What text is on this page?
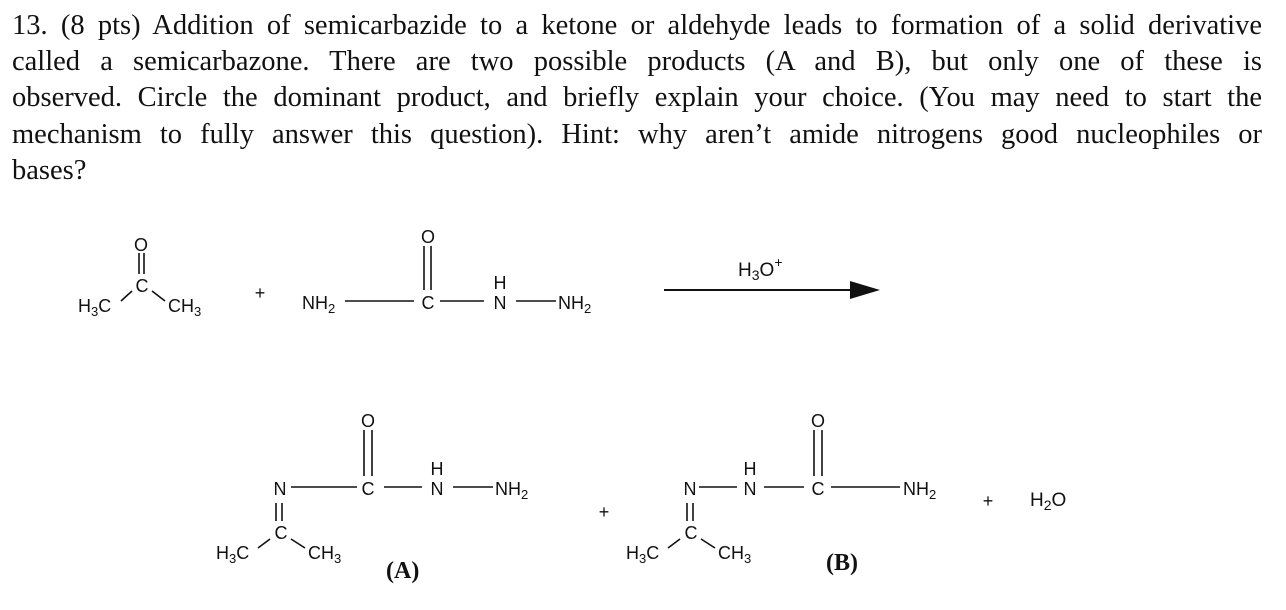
13. (8 pts) Addition of semicarbazide to a ketone or aldehyde leads to formation of a solid derivative
called a semicarbazone. There are two possible products (A and B), but only one of these is
observed. Circle the dominant product, and briefly explain your choice. (You may need to start the
mechanism to fully answer this question). Hint: why aren’t amide nitrogens good nucleophiles or
bases?
O
C
$H_3C$	$CH_3$
+ $NH_2$
O
C
H
N	$NH_2$
$H_3O^+$
O
N	C
H
N	$NH_2$
C
$H_3C$	$CH_3$ (A)
+
O
N
H
N	C	$NH_2$
C
$H_3C$	$CH_3$	(B)
+ $H_2O$
